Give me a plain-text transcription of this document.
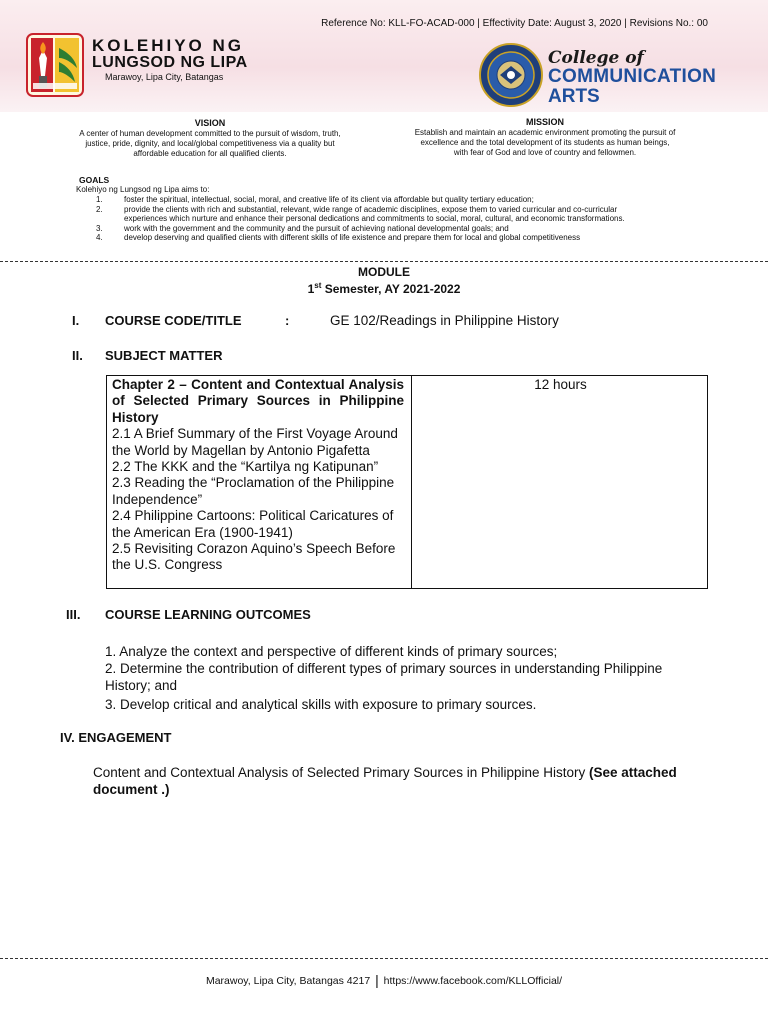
Reference No: KLL-FO-ACAD-000 | Effectivity Date: August 3, 2020 | Revisions No.: 00
KOLEHIYO NG
LUNGSOD NG LIPA
Marawoy, Lipa City, Batangas
College of
COMMUNICATION
ARTS
VISION
A center of human development committed to the pursuit of wisdom, truth,
justice, pride, dignity, and local/global competitiveness via a quality but
affordable education for all qualified clients.
MISSION
Establish and maintain an academic environment promoting the pursuit of
excellence and the total development of its students as human beings,
with fear of God and love of country and fellowmen.
GOALS
Kolehiyo ng Lungsod ng Lipa aims to:
1.	foster the spiritual, intellectual, social, moral, and creative life of its client via affordable but quality tertiary education;
2.	provide the clients with rich and substantial, relevant, wide range of academic disciplines, expose them to varied curricular and co-curricular
experiences which nurture and enhance their personal dedications and commitments to social, moral, cultural, and economic transformations.
3.	work with the government and the community and the pursuit of achieving national developmental goals; and
4.	develop deserving and qualified clients with different skills of life existence and prepare them for local and global competitiveness
MODULE
1st Semester, AY 2021-2022
I. COURSE CODE/TITLE	:	GE 102/Readings in Philippine History
II. SUBJECT MATTER
Chapter 2 – Content and Contextual Analysis of Selected Primary Sources in Philippine History
2.1 A Brief Summary of the First Voyage Around the World by Magellan by Antonio Pigafetta
2.2 The KKK and the “Kartilya ng Katipunan”
2.3 Reading the “Proclamation of the Philippine Independence”
2.4 Philippine Cartoons: Political Caricatures of the American Era (1900-1941)
2.5 Revisiting Corazon Aquino’s Speech Before the U.S. Congress
12 hours
III. COURSE LEARNING OUTCOMES
1. Analyze the context and perspective of different kinds of primary sources;
2. Determine the contribution of different types of primary sources in understanding Philippine History; and
3. Develop critical and analytical skills with exposure to primary sources.
IV. ENGAGEMENT
Content and Contextual Analysis of Selected Primary Sources in Philippine History (See attached document .)
Marawoy, Lipa City, Batangas 4217 | https://www.facebook.com/KLLOfficial/
